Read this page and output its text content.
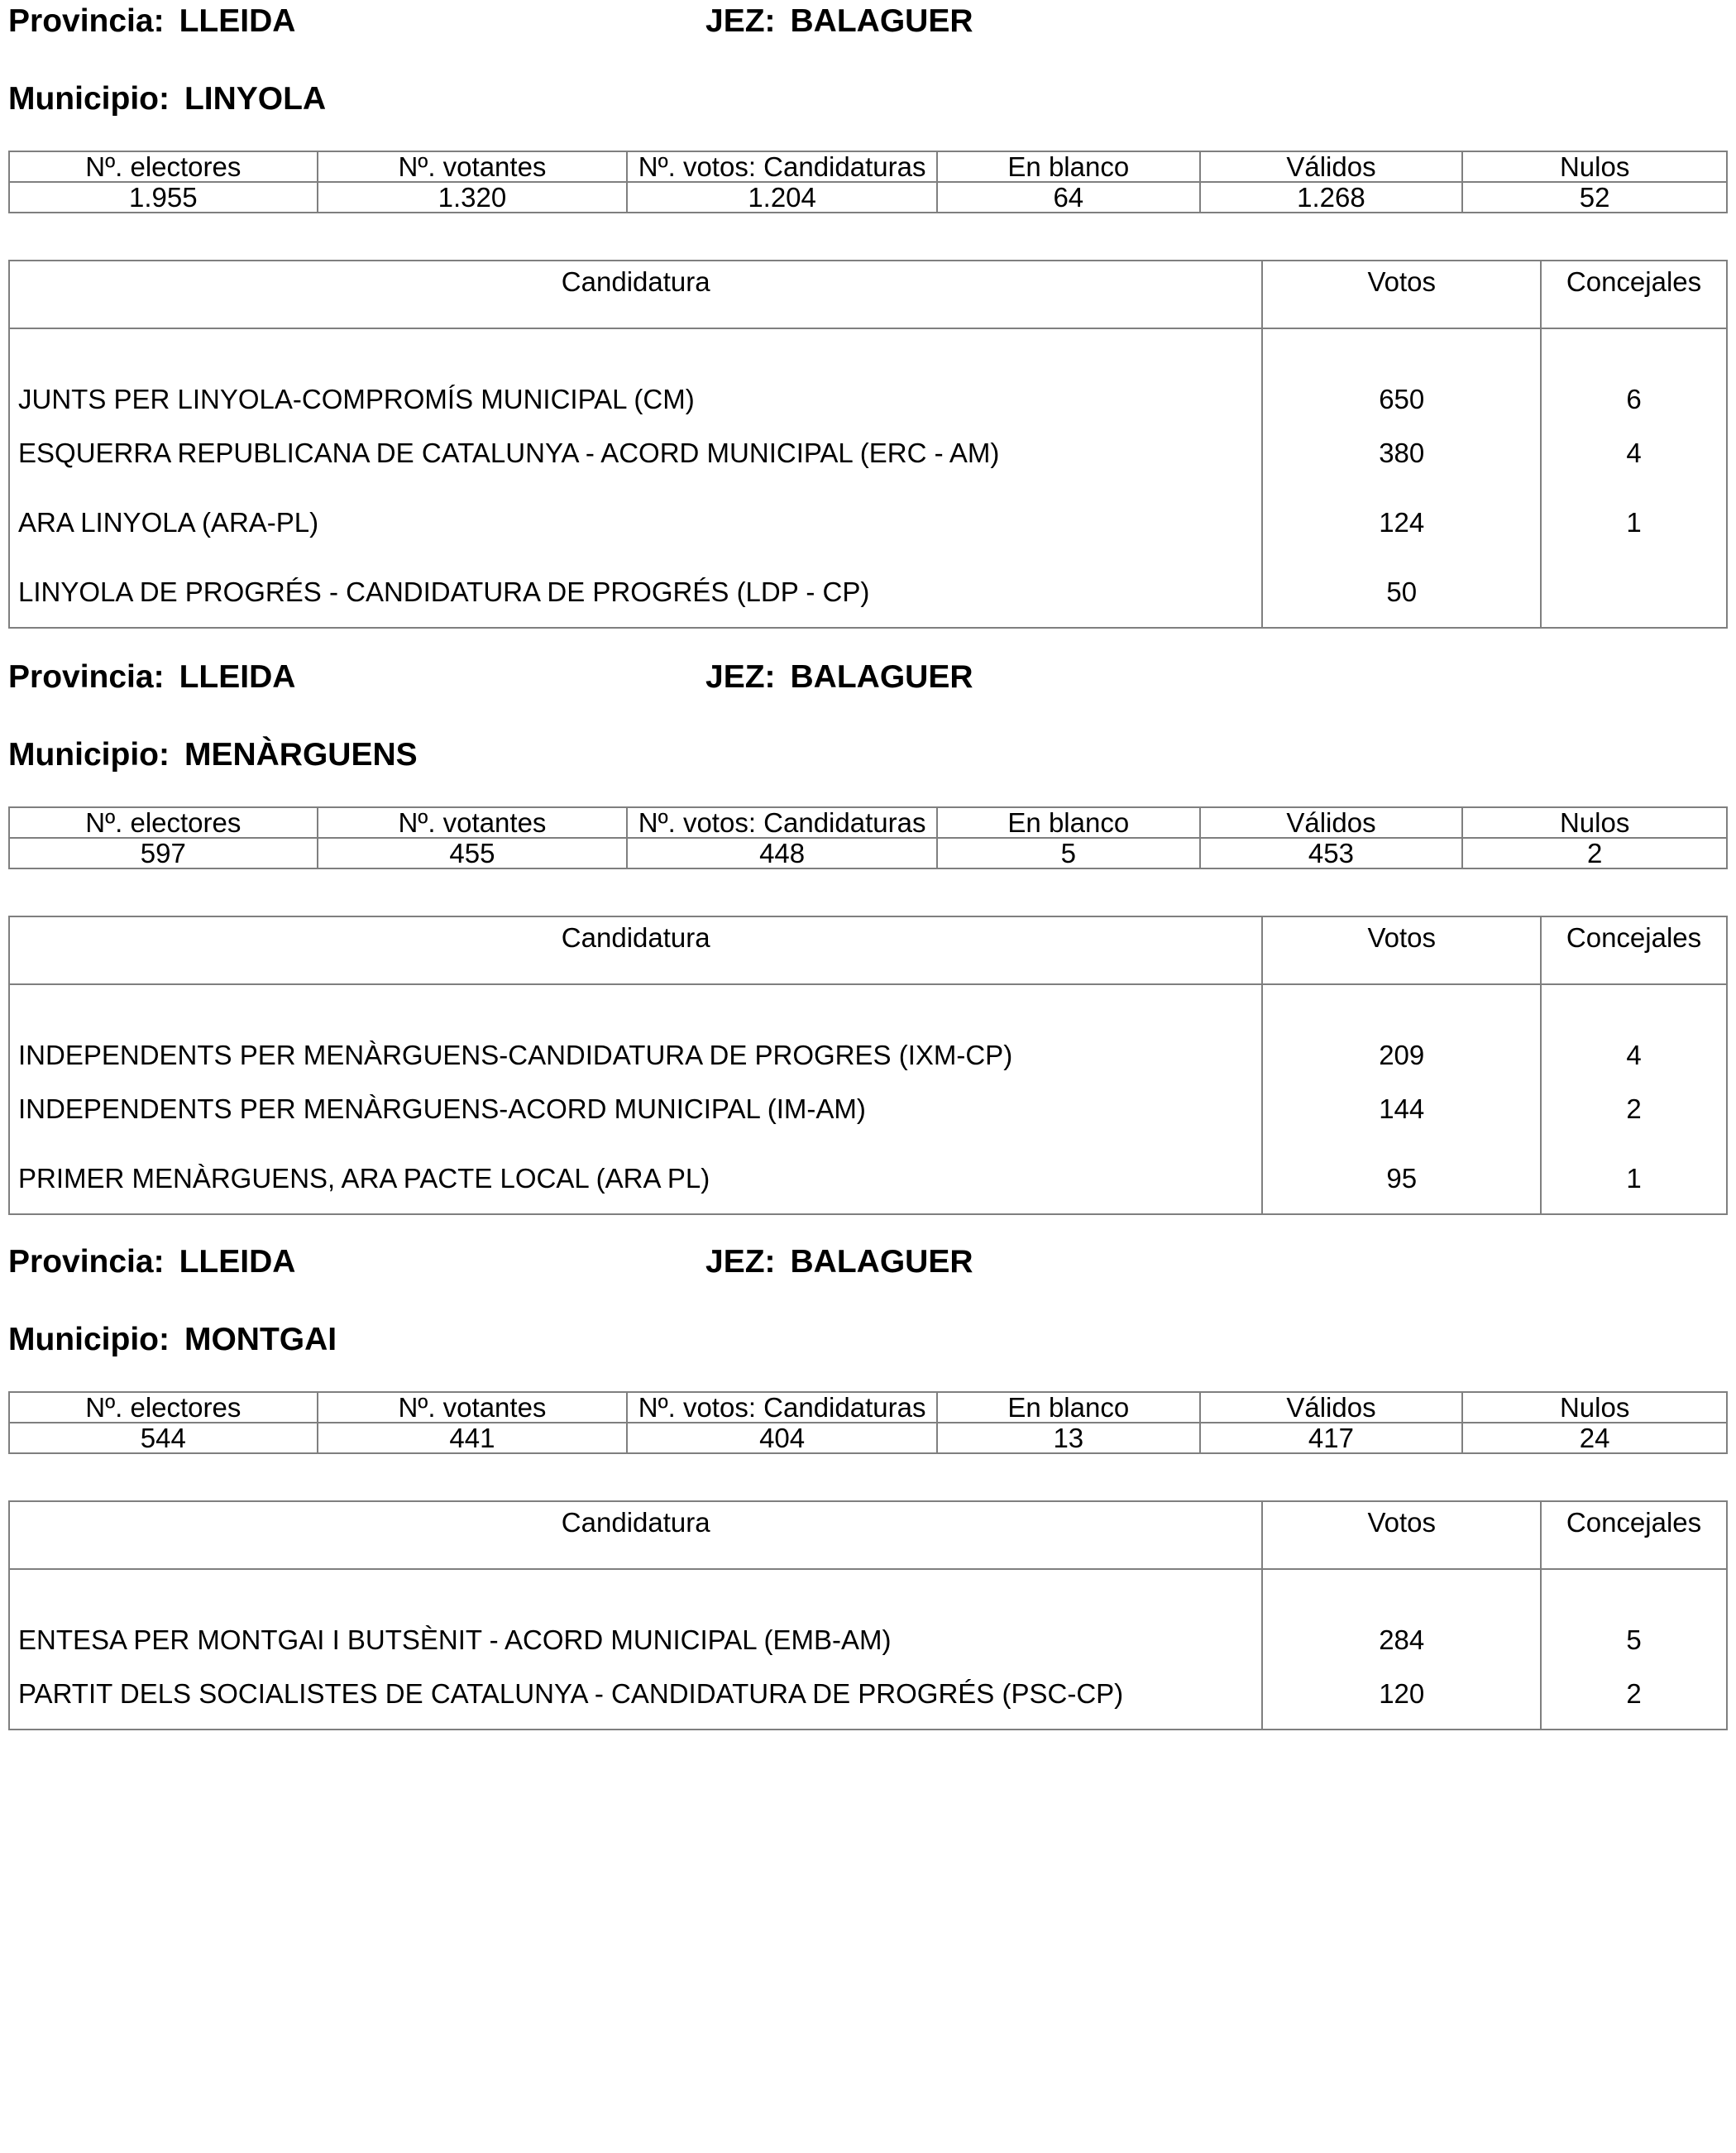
Provincia: LLEIDA	JEZ: BALAGUER
Municipio: LINYOLA
Nº. electores	Nº. votantes	Nº. votos: Candidaturas	En blanco	Válidos	Nulos
1.955	1.320	1.204	64	1.268	52
Candidatura	Votos	Concejales
JUNTS PER LINYOLA-COMPROMÍS MUNICIPAL (CM)	650	6
ESQUERRA REPUBLICANA DE CATALUNYA - ACORD MUNICIPAL (ERC - AM)	380	4
ARA LINYOLA (ARA-PL)	124	1
LINYOLA DE PROGRÉS - CANDIDATURA DE PROGRÉS (LDP - CP)	50	
Provincia: LLEIDA	JEZ: BALAGUER
Municipio: MENÀRGUENS
Nº. electores	Nº. votantes	Nº. votos: Candidaturas	En blanco	Válidos	Nulos
597	455	448	5	453	2
Candidatura	Votos	Concejales
INDEPENDENTS PER MENÀRGUENS-CANDIDATURA DE PROGRES (IXM-CP)	209	4
INDEPENDENTS PER MENÀRGUENS-ACORD MUNICIPAL (IM-AM)	144	2
PRIMER MENÀRGUENS, ARA PACTE LOCAL (ARA PL)	95	1
Provincia: LLEIDA	JEZ: BALAGUER
Municipio: MONTGAI
Nº. electores	Nº. votantes	Nº. votos: Candidaturas	En blanco	Válidos	Nulos
544	441	404	13	417	24
Candidatura	Votos	Concejales
ENTESA PER MONTGAI I BUTSÈNIT - ACORD MUNICIPAL (EMB-AM)	284	5
PARTIT DELS SOCIALISTES DE CATALUNYA - CANDIDATURA DE PROGRÉS (PSC-CP)	120	2
